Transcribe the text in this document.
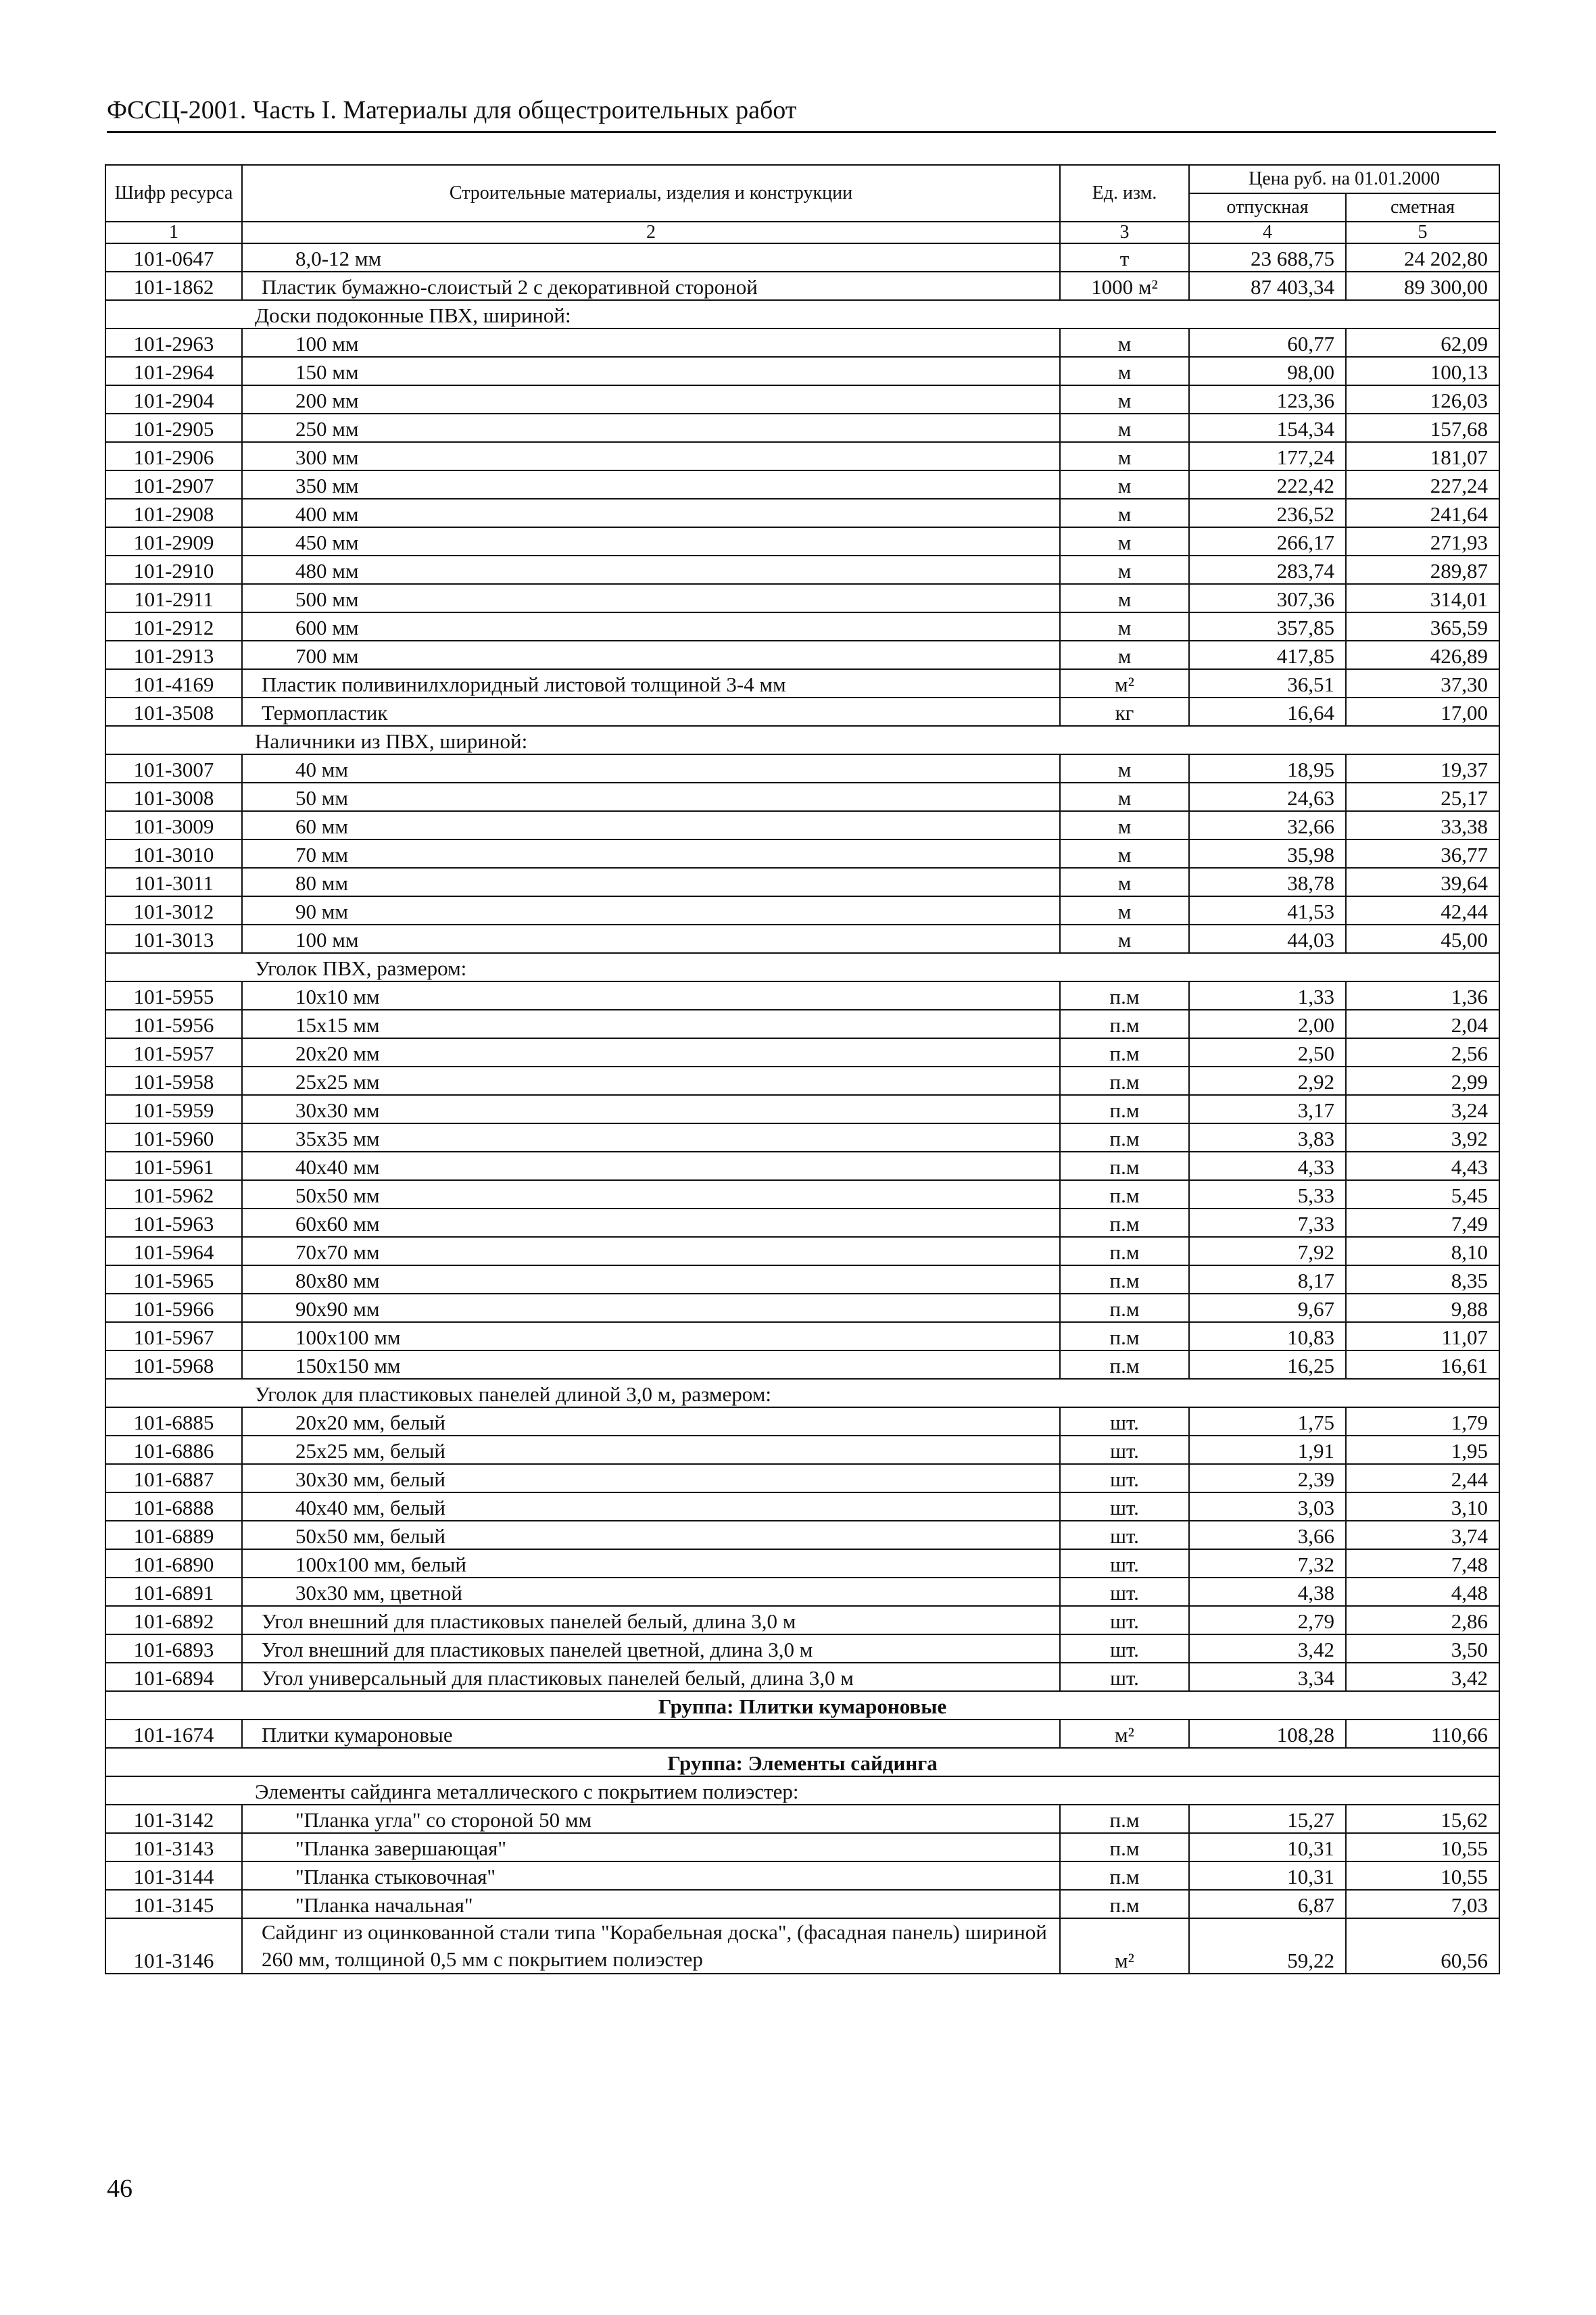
ФССЦ-2001. Часть I. Материалы для общестроительных работ
Шифр ресурса	Строительные материалы, изделия и конструкции	Ед. изм.	Цена руб. на 01.01.2000	
			отпускная	сметная
1	2	3	4	5
101-0647	8,0-12 мм	т	23 688,75	24 202,80
101-1862	Пластик бумажно-слоистый 2 с декоративной стороной	1000 м²	87 403,34	89 300,00
Доски подоконные ПВХ, шириной:				
101-2963	100 мм	м	60,77	62,09
101-2964	150 мм	м	98,00	100,13
101-2904	200 мм	м	123,36	126,03
101-2905	250 мм	м	154,34	157,68
101-2906	300 мм	м	177,24	181,07
101-2907	350 мм	м	222,42	227,24
101-2908	400 мм	м	236,52	241,64
101-2909	450 мм	м	266,17	271,93
101-2910	480 мм	м	283,74	289,87
101-2911	500 мм	м	307,36	314,01
101-2912	600 мм	м	357,85	365,59
101-2913	700 мм	м	417,85	426,89
101-4169	Пластик поливинилхлоридный листовой толщиной 3-4 мм	м²	36,51	37,30
101-3508	Термопластик	кг	16,64	17,00
Наличники из ПВХ, шириной:				
101-3007	40 мм	м	18,95	19,37
101-3008	50 мм	м	24,63	25,17
101-3009	60 мм	м	32,66	33,38
101-3010	70 мм	м	35,98	36,77
101-3011	80 мм	м	38,78	39,64
101-3012	90 мм	м	41,53	42,44
101-3013	100 мм	м	44,03	45,00
Уголок ПВХ, размером:				
101-5955	10х10 мм	п.м	1,33	1,36
101-5956	15х15 мм	п.м	2,00	2,04
101-5957	20х20 мм	п.м	2,50	2,56
101-5958	25х25 мм	п.м	2,92	2,99
101-5959	30х30 мм	п.м	3,17	3,24
101-5960	35х35 мм	п.м	3,83	3,92
101-5961	40х40 мм	п.м	4,33	4,43
101-5962	50х50 мм	п.м	5,33	5,45
101-5963	60х60 мм	п.м	7,33	7,49
101-5964	70х70 мм	п.м	7,92	8,10
101-5965	80х80 мм	п.м	8,17	8,35
101-5966	90х90 мм	п.м	9,67	9,88
101-5967	100х100 мм	п.м	10,83	11,07
101-5968	150х150 мм	п.м	16,25	16,61
Уголок для пластиковых панелей длиной 3,0 м, размером:				
101-6885	20х20 мм, белый	шт.	1,75	1,79
101-6886	25х25 мм, белый	шт.	1,91	1,95
101-6887	30х30 мм, белый	шт.	2,39	2,44
101-6888	40х40 мм, белый	шт.	3,03	3,10
101-6889	50х50 мм, белый	шт.	3,66	3,74
101-6890	100х100 мм, белый	шт.	7,32	7,48
101-6891	30х30 мм, цветной	шт.	4,38	4,48
101-6892	Угол внешний для пластиковых панелей белый, длина 3,0 м	шт.	2,79	2,86
101-6893	Угол внешний для пластиковых панелей цветной, длина 3,0 м	шт.	3,42	3,50
101-6894	Угол универсальный для пластиковых панелей белый, длина 3,0 м	шт.	3,34	3,42
Группа: Плитки кумароновые				
101-1674	Плитки кумароновые	м²	108,28	110,66
Группа: Элементы сайдинга				
Элементы сайдинга металлического с покрытием полиэстер:				
101-3142	"Планка угла" со стороной 50 мм	п.м	15,27	15,62
101-3143	"Планка завершающая"	п.м	10,31	10,55
101-3144	"Планка стыковочная"	п.м	10,31	10,55
101-3145	"Планка начальная"	п.м	6,87	7,03
101-3146	Сайдинг из оцинкованной стали типа "Корабельная доска", (фасадная панель) шириной 260 мм, толщиной 0,5 мм с покрытием полиэстер	м²	59,22	60,56
46
